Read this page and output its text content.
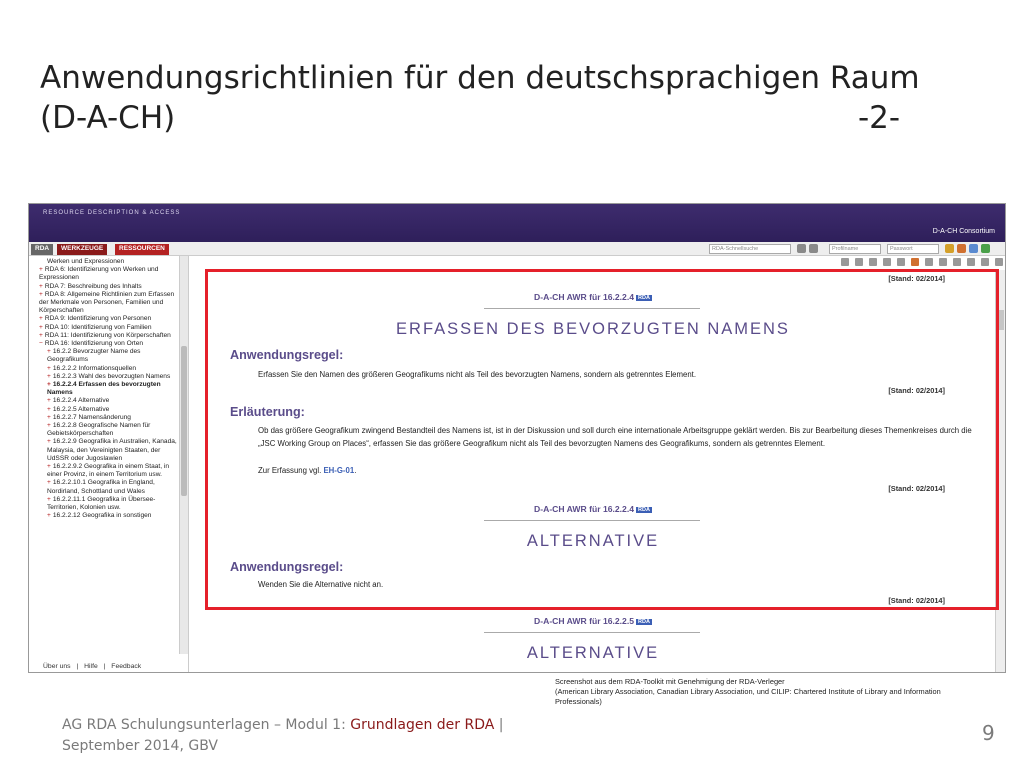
Anwendungsrichtlinien für den deutschsprachigen Raum
(D-A-CH)	-2-
RESOURCE DESCRIPTION & ACCESS
D-A-CH Consortium
RDA	WERKZEUGE	RESSOURCEN	RDA-Schnellsuche	Profilname	Passwort
Werken und Expressionen
+ RDA 6: Identifizierung von Werken und Expressionen
+ RDA 7: Beschreibung des Inhalts
+ RDA 8: Allgemeine Richtlinien zum Erfassen der Merkmale von Personen, Familien und Körperschaften
+ RDA 9: Identifizierung von Personen
+ RDA 10: Identifizierung von Familien
+ RDA 11: Identifizierung von Körperschaften
− RDA 16: Identifizierung von Orten
+ 16.2.2 Bevorzugter Name des Geografikums
+ 16.2.2.2 Informationsquellen
+ 16.2.2.3 Wahl des bevorzugten Namens
+ 16.2.2.4 Erfassen des bevorzugten Namens
+ 16.2.2.4 Alternative
+ 16.2.2.5 Alternative
+ 16.2.2.7 Namensänderung
+ 16.2.2.8 Geografische Namen für Gebietskörperschaften
+ 16.2.2.9 Geografika in Australien, Kanada, Malaysia, den Vereinigten Staaten, der UdSSR oder Jugoslawien
+ 16.2.2.9.2 Geografika in einem Staat, in einer Provinz, in einem Territorium usw.
+ 16.2.2.10.1 Geografika in England, Nordirland, Schottland und Wales
+ 16.2.2.11.1 Geografika in Übersee-Territorien, Kolonien usw.
+ 16.2.2.12 Geografika in sonstigen
Über uns | Hilfe | Feedback
[Stand: 02/2014]
D-A-CH AWR für 16.2.2.4 RDA
ERFASSEN DES BEVORZUGTEN NAMENS
Anwendungsregel:
Erfassen Sie den Namen des größeren Geografikums nicht als Teil des bevorzugten Namens, sondern als getrenntes Element.
[Stand: 02/2014]
Erläuterung:
Ob das größere Geografikum zwingend Bestandteil des Namens ist, ist in der Diskussion und soll durch eine internationale Arbeitsgruppe geklärt werden. Bis zur Bearbeitung dieses Themenkreises durch die „JSC Working Group on Places“, erfassen Sie das größere Geografikum nicht als Teil des bevorzugten Namens des Geografikums, sondern als getrenntes Element.
Zur Erfassung vgl. EH-G-01.
[Stand: 02/2014]
D-A-CH AWR für 16.2.2.4 RDA
ALTERNATIVE
Anwendungsregel:
Wenden Sie die Alternative nicht an.
[Stand: 02/2014]
D-A-CH AWR für 16.2.2.5 RDA
ALTERNATIVE
Screenshot aus dem RDA-Toolkit mit Genehmigung der RDA-Verleger
(American Library Association, Canadian Library Association, und CILIP: Chartered Institute of Library and Information Professionals)
AG RDA Schulungsunterlagen – Modul 1: Grundlagen der RDA |
September 2014, GBV
9
